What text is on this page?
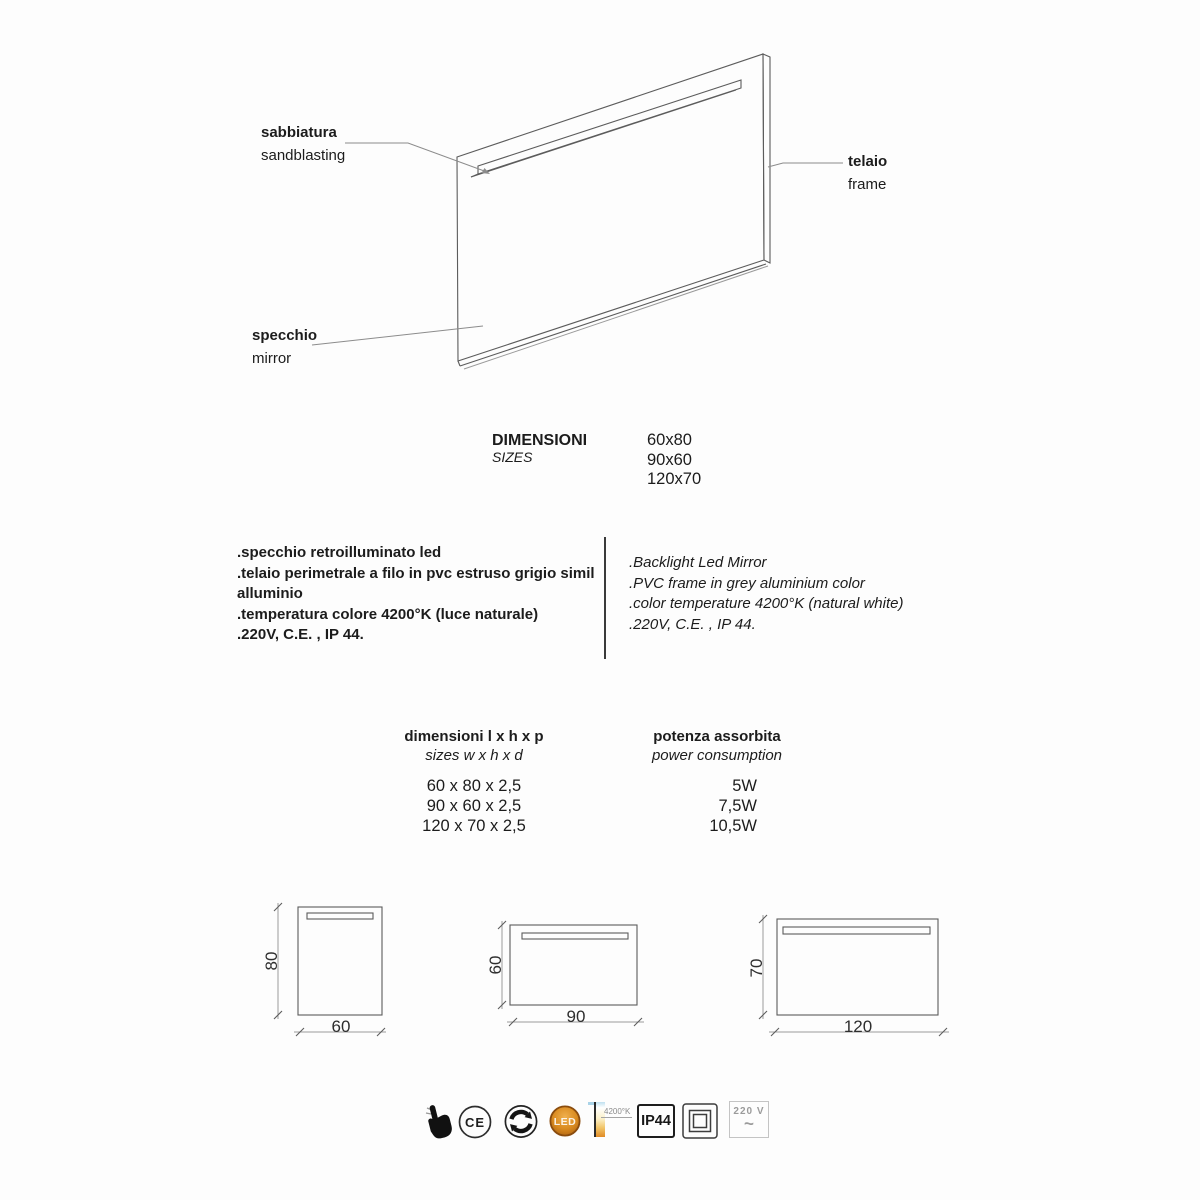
80
60
60
90
70
120
sabbiatura
sandblasting	telaio
frame
specchio
mirror
DIMENSIONI
SIZES
60x80
90x60
120x70

.specchio retroilluminato led

.telaio perimetrale a filo in pvc estruso grigio simil alluminio

.temperatura colore 4200°K (luce naturale)

.220V, C.E. , IP 44.

.Backlight Led Mirror

.PVC frame in grey aluminium color

.color temperature 4200°K (natural white)

.220V, C.E. , IP 44.

dimensioni l x h x p
sizes w x h x d
potenza assorbita
power consumption
60 x 80 x 2,5
90 x 60 x 2,5
120 x 70 x 2,5
5W
7,5W
10,5W
CE	LED
4200°K
IP44
220 V
~
